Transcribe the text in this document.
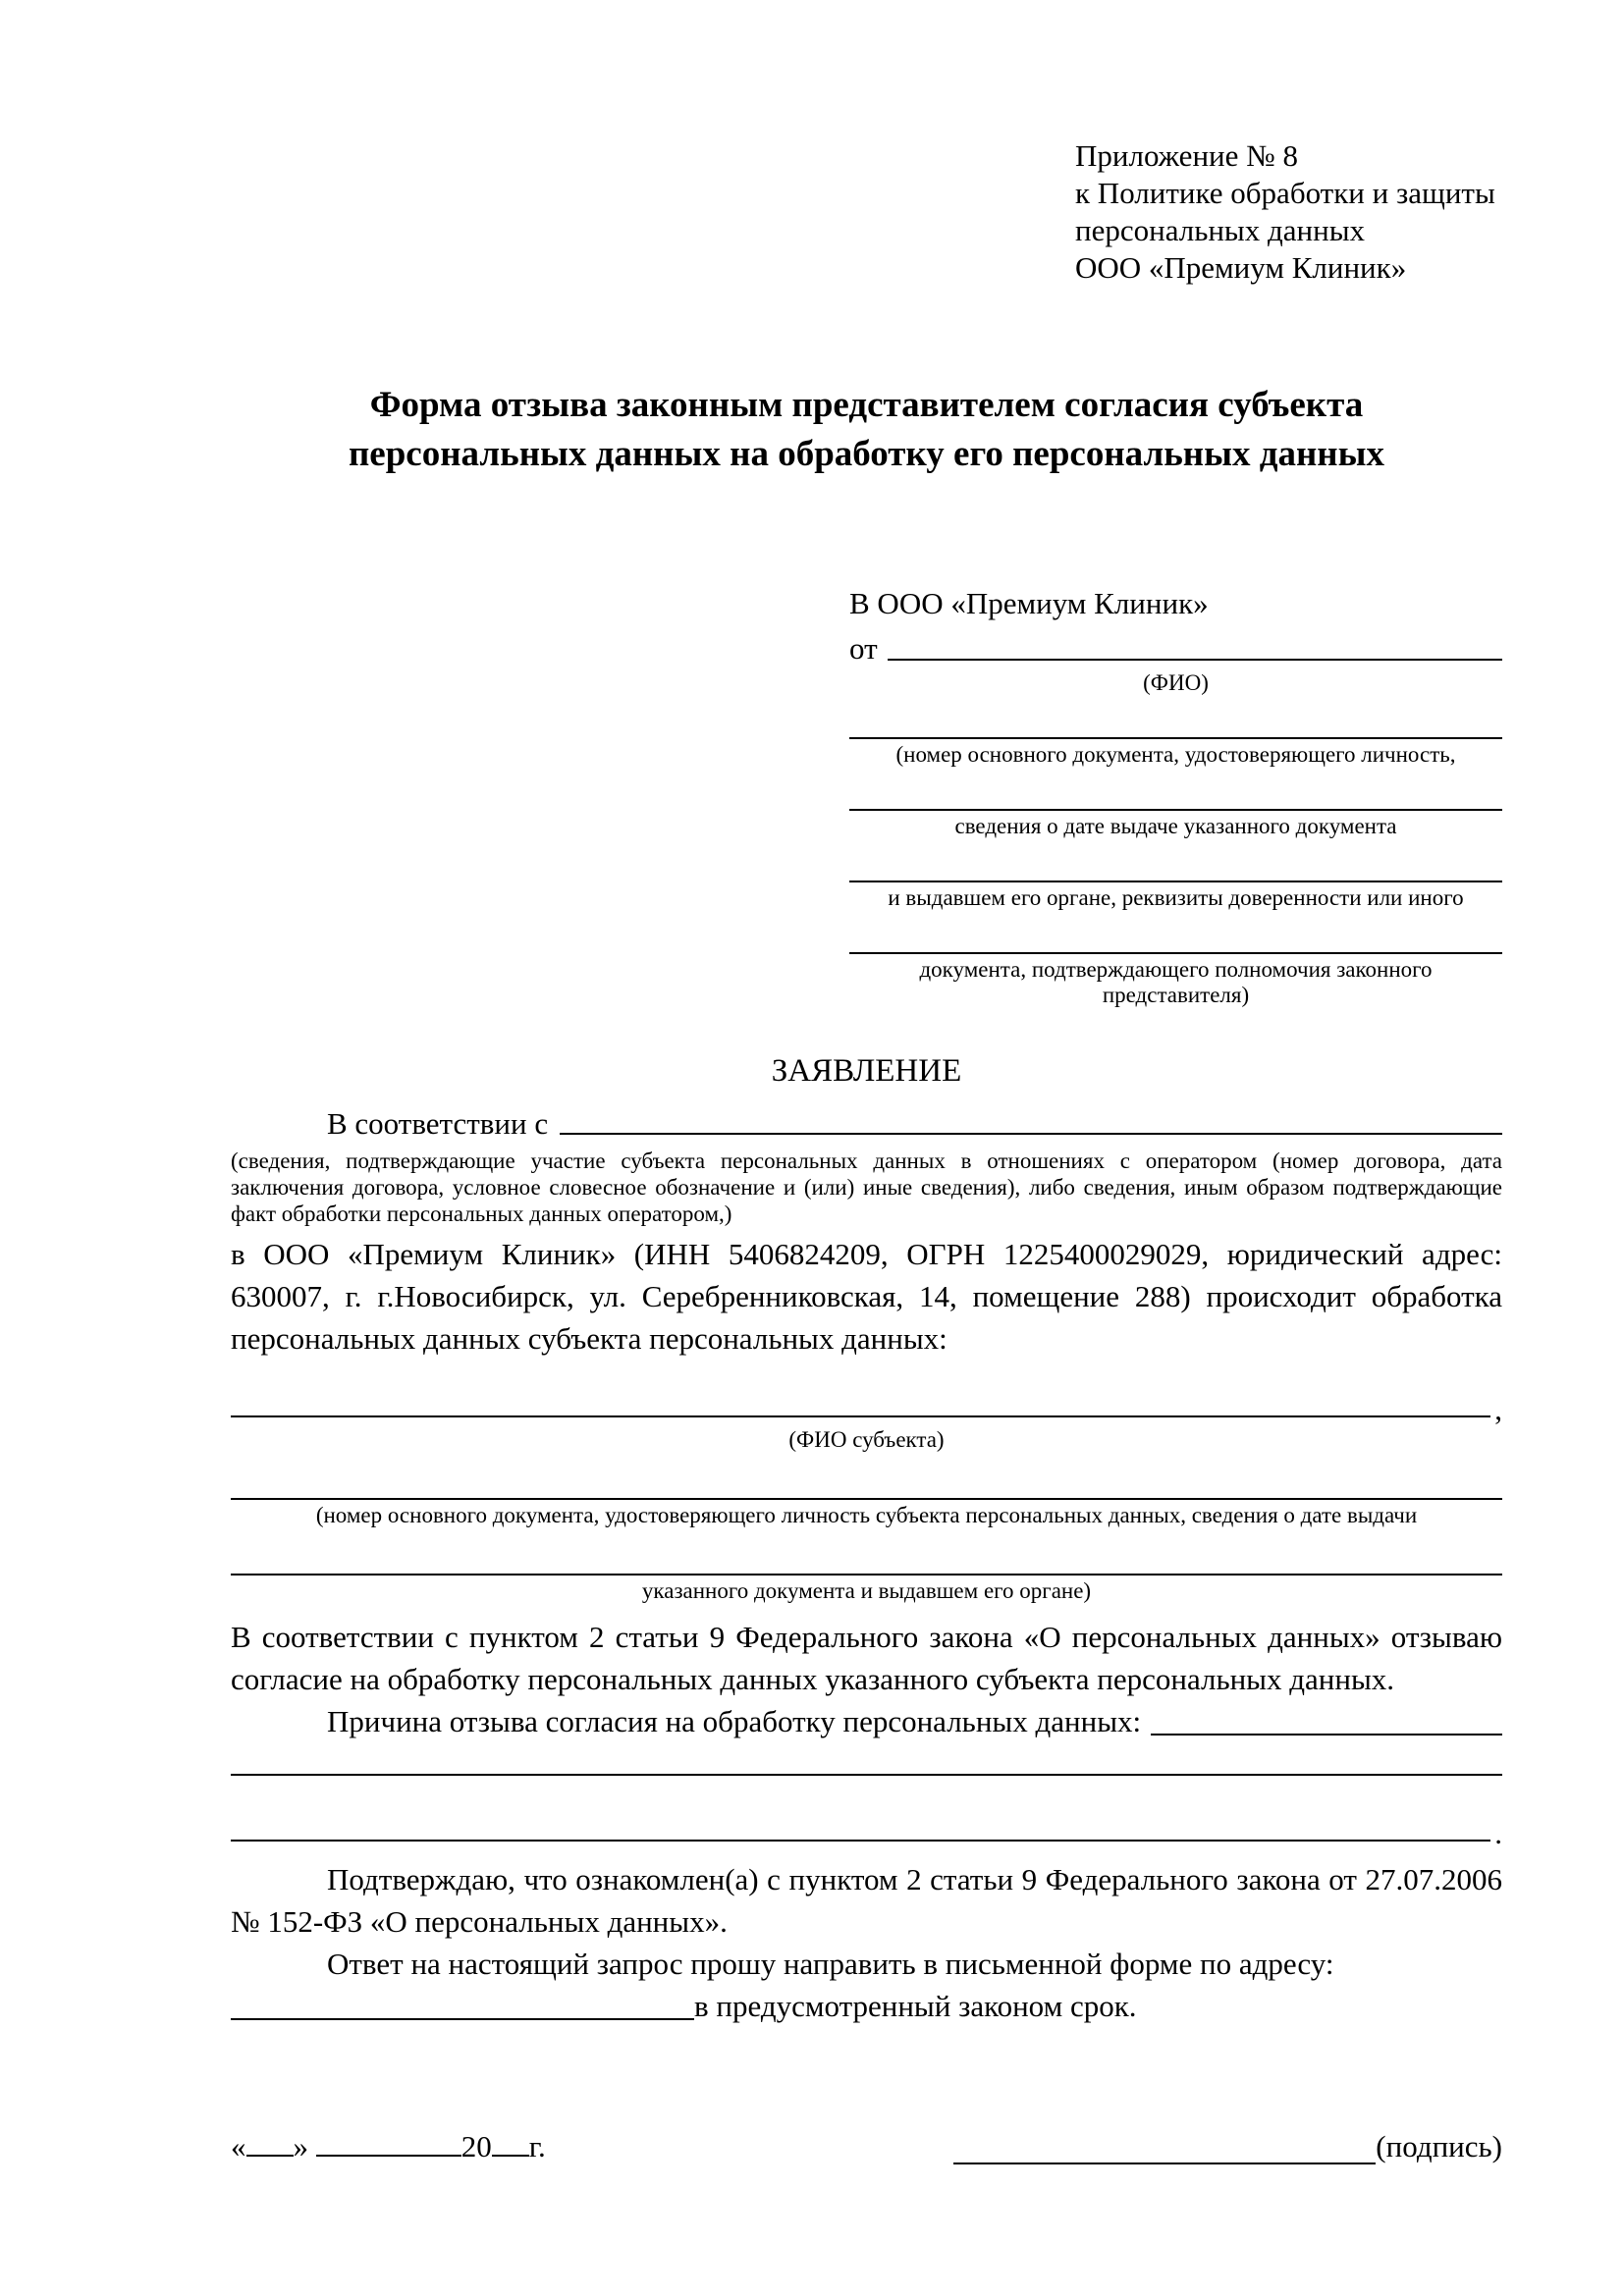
Приложение № 8
к Политике обработки и защиты
персональных данных
ООО «Премиум Клиник»
Форма отзыва законным представителем согласия субъекта персональных данных на обработку его персональных данных
В ООО «Премиум Клиник»
от
(ФИО)
(номер основного документа, удостоверяющего личность,
сведения о дате выдаче указанного документа
и выдавшем его органе, реквизиты доверенности или иного
документа, подтверждающего полномочия законного представителя)
ЗАЯВЛЕНИЕ
В соответствии с
(сведения, подтверждающие участие субъекта персональных данных в отношениях с оператором (номер договора, дата заключения договора, условное словесное обозначение и (или) иные сведения), либо сведения, иным образом подтверждающие факт обработки персональных данных оператором,)

в ООО «Премиум Клиник» (ИНН 5406824209, ОГРН 1225400029029, юридический адрес: 630007, г. г.Новосибирск, ул. Серебренниковская, 14, помещение 288) происходит обработка персональных данных субъекта персональных данных:

,
(ФИО субъекта)
(номер основного документа, удостоверяющего личность субъекта персональных данных, сведения о дате выдачи
указанного документа и выдавшем его органе)

В соответствии с пунктом 2 статьи 9 Федерального закона «О персональных данных» отзываю согласие на обработку персональных данных указанного субъекта персональных данных.

Причина отзыва согласия на обработку персональных данных:
.

Подтверждаю, что ознакомлен(а) с пунктом 2 статьи 9 Федерального закона от 27.07.2006 № 152-ФЗ «О персональных данных».

Ответ на настоящий запрос прошу направить в письменной форме по адресу:

в предусмотренный законом срок.
« »	20 г.	(подпись)
